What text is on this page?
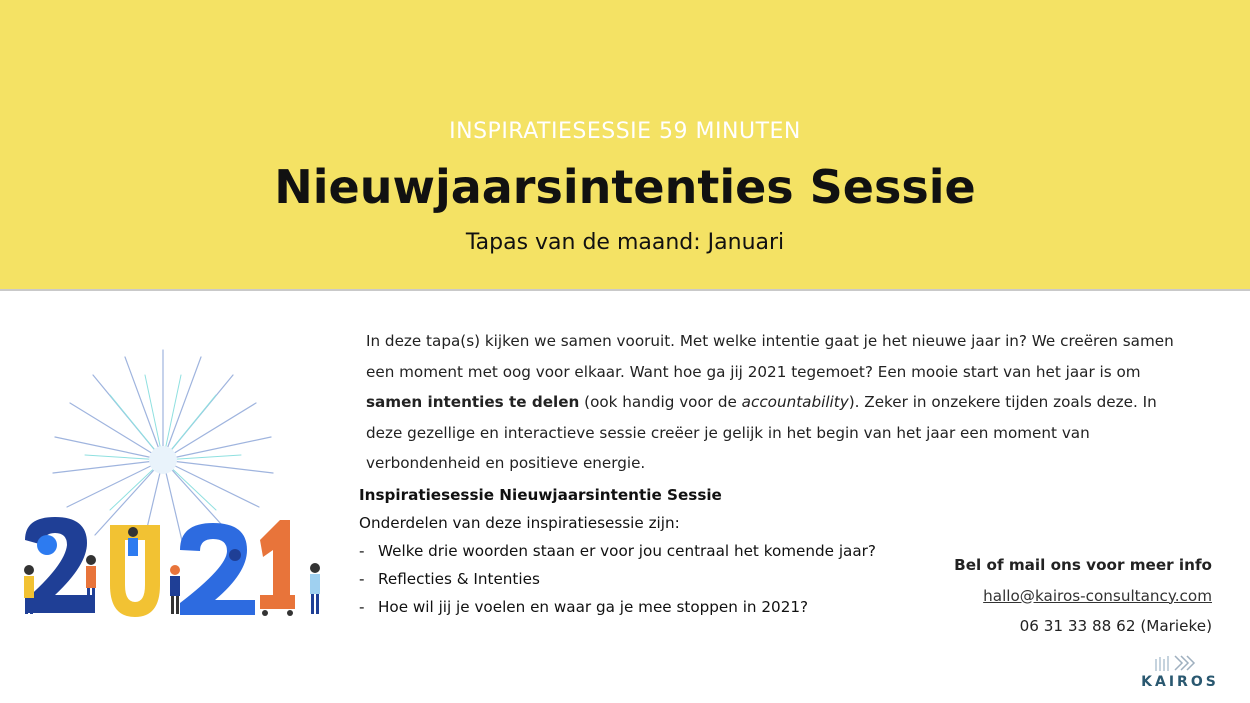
INSPIRATIESESSIE 59 MINUTEN
Nieuwjaarsintenties Sessie
Tapas van de maand: Januari

In deze tapa(s) kijken we samen vooruit. Met welke intentie gaat je het nieuwe jaar in? We creëren samen een moment met oog voor elkaar. Want hoe ga jij 2021 tegemoet? Een mooie start van het jaar is om samen intenties te delen (ook handig voor de accountability). Zeker in onzekere tijden zoals deze. In deze gezellige en interactieve sessie creëer je gelijk in het begin van het jaar een moment van verbondenheid en positieve energie.

Inspiratiesessie Nieuwjaarsintentie Sessie
Onderdelen van deze inspiratiesessie zijn:
- Welke drie woorden staan er voor jou centraal het komende jaar?
- Reflecties & Intenties
- Hoe wil jij je voelen en waar ga je mee stoppen in 2021?
Bel of mail ons voor meer info
hallo@kairos-consultancy.com
06 31 33 88 62 (Marieke)
KAIROS
